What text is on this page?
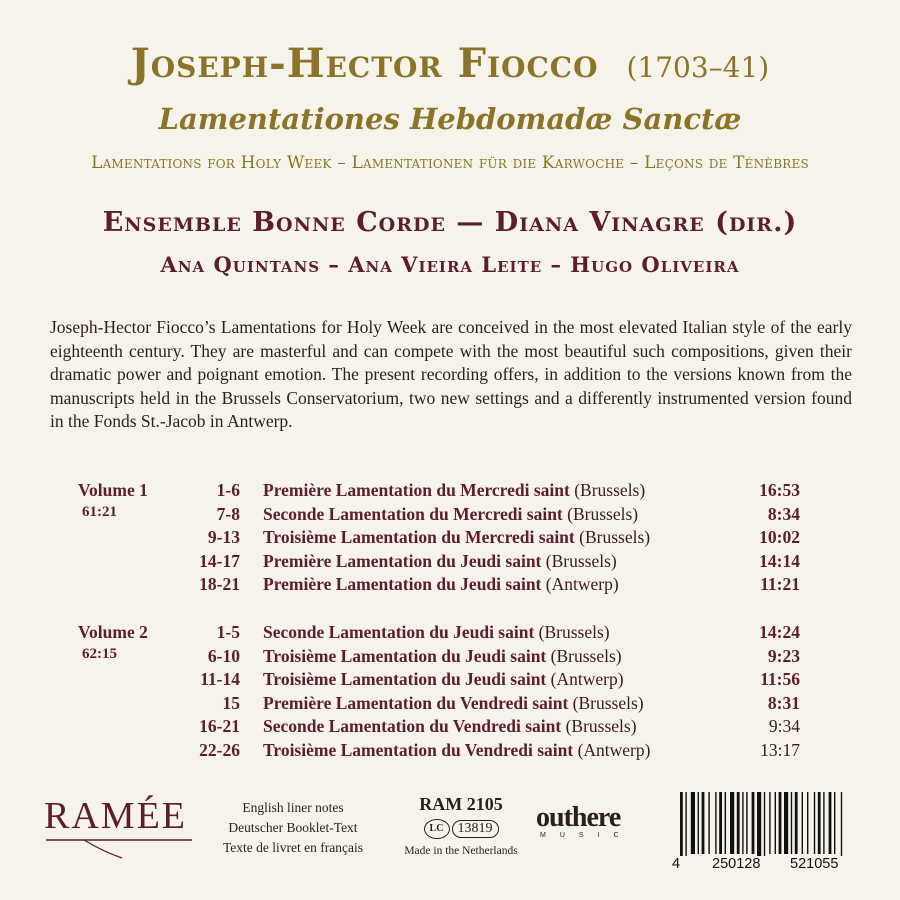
Joseph-Hector Fiocco (1703–41)
Lamentationes Hebdomadæ Sanctæ
Lamentations for Holy Week – Lamentationen für die Karwoche – Leçons de Ténèbres
Ensemble Bonne Corde — Diana Vinagre (dir.)
Ana Quintans – Ana Vieira Leite – Hugo Oliveira
Joseph-Hector Fiocco’s Lamentations for Holy Week are conceived in the most elevated Italian style of the early eighteenth century. They are masterful and can compete with the most beautiful such compositions, given their dramatic power and poignant emotion. The present recording offers, in addition to the versions known from the manuscripts held in the Brussels Conservatorium, two new settings and a differently instrumented version found in the Fonds St.-Jacob in Antwerp.
Volume 1	1-6 Première Lamentation du Mercredi saint (Brussels)	16:53
61:21	7-8 Seconde Lamentation du Mercredi saint (Brussels)	8:34
9-13 Troisième Lamentation du Mercredi saint (Brussels)	10:02
14-17 Première Lamentation du Jeudi saint (Brussels)	14:14
18-21 Première Lamentation du Jeudi saint (Antwerp)	11:21
Volume 2	1-5 Seconde Lamentation du Jeudi saint (Brussels)	14:24
62:15	6-10 Troisième Lamentation du Jeudi saint (Brussels)	9:23
11-14 Troisième Lamentation du Jeudi saint (Antwerp)	11:56
15 Première Lamentation du Vendredi saint (Brussels)	8:31
16-21 Seconde Lamentation du Vendredi saint (Brussels)	9:34
22-26 Troisième Lamentation du Vendredi saint (Antwerp)	13:17
RAMÉE	English liner notes
Deutscher Booklet-Text
Texte de livret en français
RAM 2105
LC	13819
Made in the Netherlands
outhere
MUSIC
4 250128 521055
